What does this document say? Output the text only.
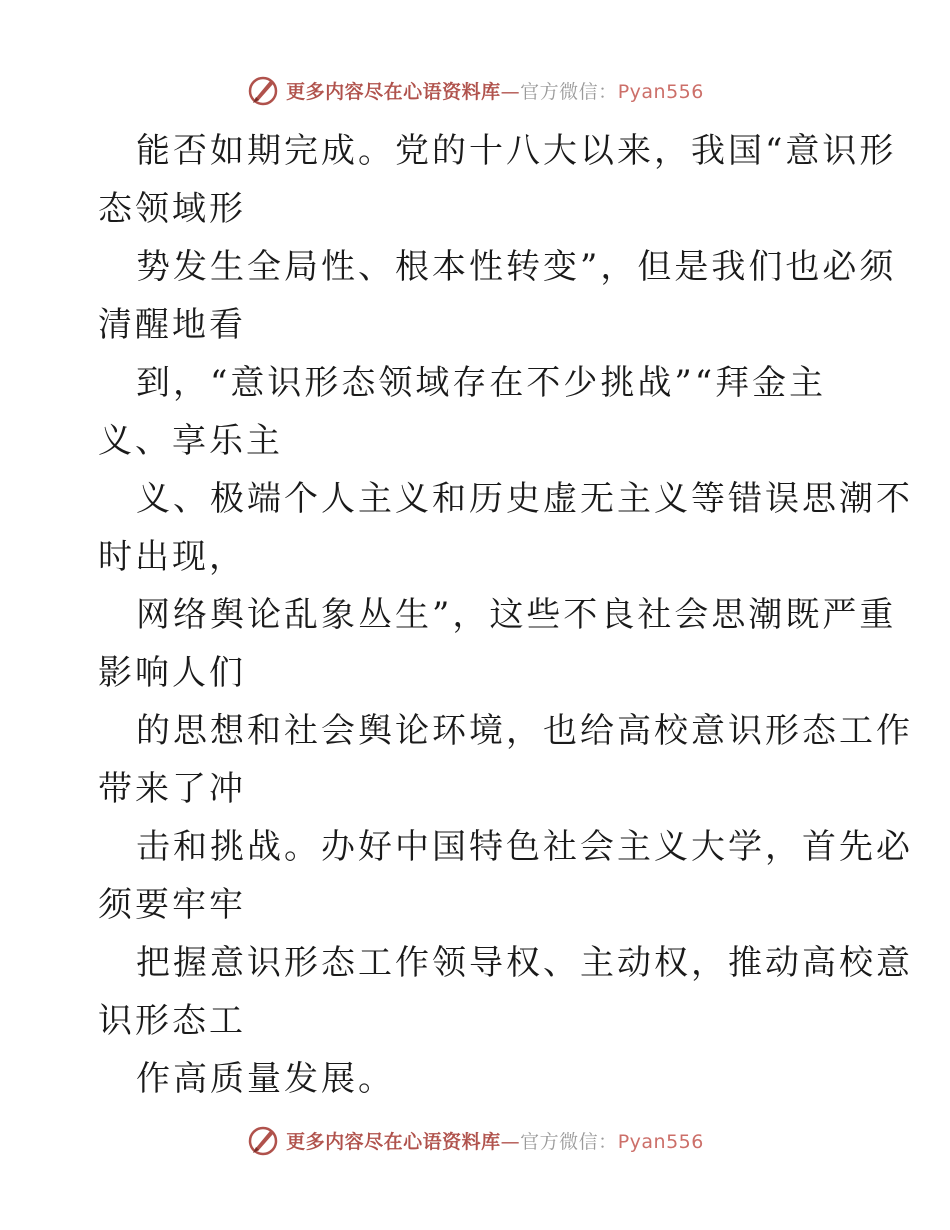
更多内容尽在心语资料库—官方微信：Pyan556

能否如期完成。党的十八大以来，我国“意识形

态领域形

势发生全局性、根本性转变”，但是我们也必须

清醒地看

到，“意识形态领域存在不少挑战”“拜金主

义、享乐主

义、极端个人主义和历史虚无主义等错误思潮不

时出现，

网络舆论乱象丛生”，这些不良社会思潮既严重

影响人们

的思想和社会舆论环境，也给高校意识形态工作

带来了冲

击和挑战。办好中国特色社会主义大学，首先必

须要牢牢

把握意识形态工作领导权、主动权，推动高校意

识形态工

作高质量发展。

更多内容尽在心语资料库—官方微信：Pyan556
